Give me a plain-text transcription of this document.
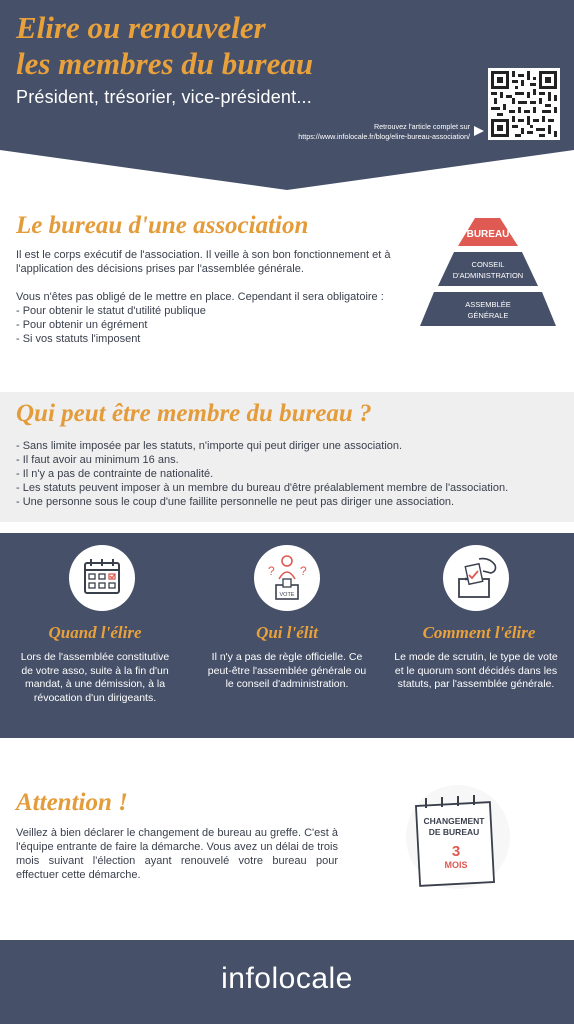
Elire ou renouveler
les membres du bureau
Président, trésorier, vice-président...
Retrouvez l'article complet sur
https://www.infolocale.fr/blog/elire-bureau-association/
Le bureau d'une association

Il est le corps exécutif de l'association. Il veille à son bon fonctionnement et à l'application des décisions prises par l'assemblée générale.

Vous n'êtes pas obligé de le mettre en place. Cependant il sera obligatoire :
- Pour obtenir le statut d'utilité publique
- Pour obtenir un égrément
- Si vos statuts l'imposent
BUREAU
CONSEIL
D'ADMINISTRATION
ASSEMBLÉE
GÉNÉRALE
Qui peut être membre du bureau ?
- Sans limite imposée par les statuts, n'importe qui peut diriger une association.
- Il faut avoir au minimum 16 ans.
- Il n'y a pas de contrainte de nationalité.
- Les statuts peuvent imposer à un membre du bureau d'être préalablement membre de l'association.
- Une personne sous le coup d'une faillite personnelle ne peut pas diriger une association.
Quand l'élire
Lors de l'assemblée constitutive de votre asso, suite à la fin d'un mandat, à une démission, à la révocation d'un dirigeants.
? ?
VOTE
Qui l'élit
Il n'y a pas de règle officielle. Ce peut-être l'assemblée générale ou le conseil d'administration.
Comment l'élire
Le mode de scrutin, le type de vote et le quorum sont décidés dans les statuts, par l'assemblée générale.
Attention !
Veillez à bien déclarer le changement de bureau au greffe. C'est à l'équipe entrante de faire la démarche. Vous avez un délai de trois mois suivant l'élection ayant renouvelé votre bureau pour effectuer cette démarche.
CHANGEMENT
DE BUREAU
3
MOIS
infolocale
